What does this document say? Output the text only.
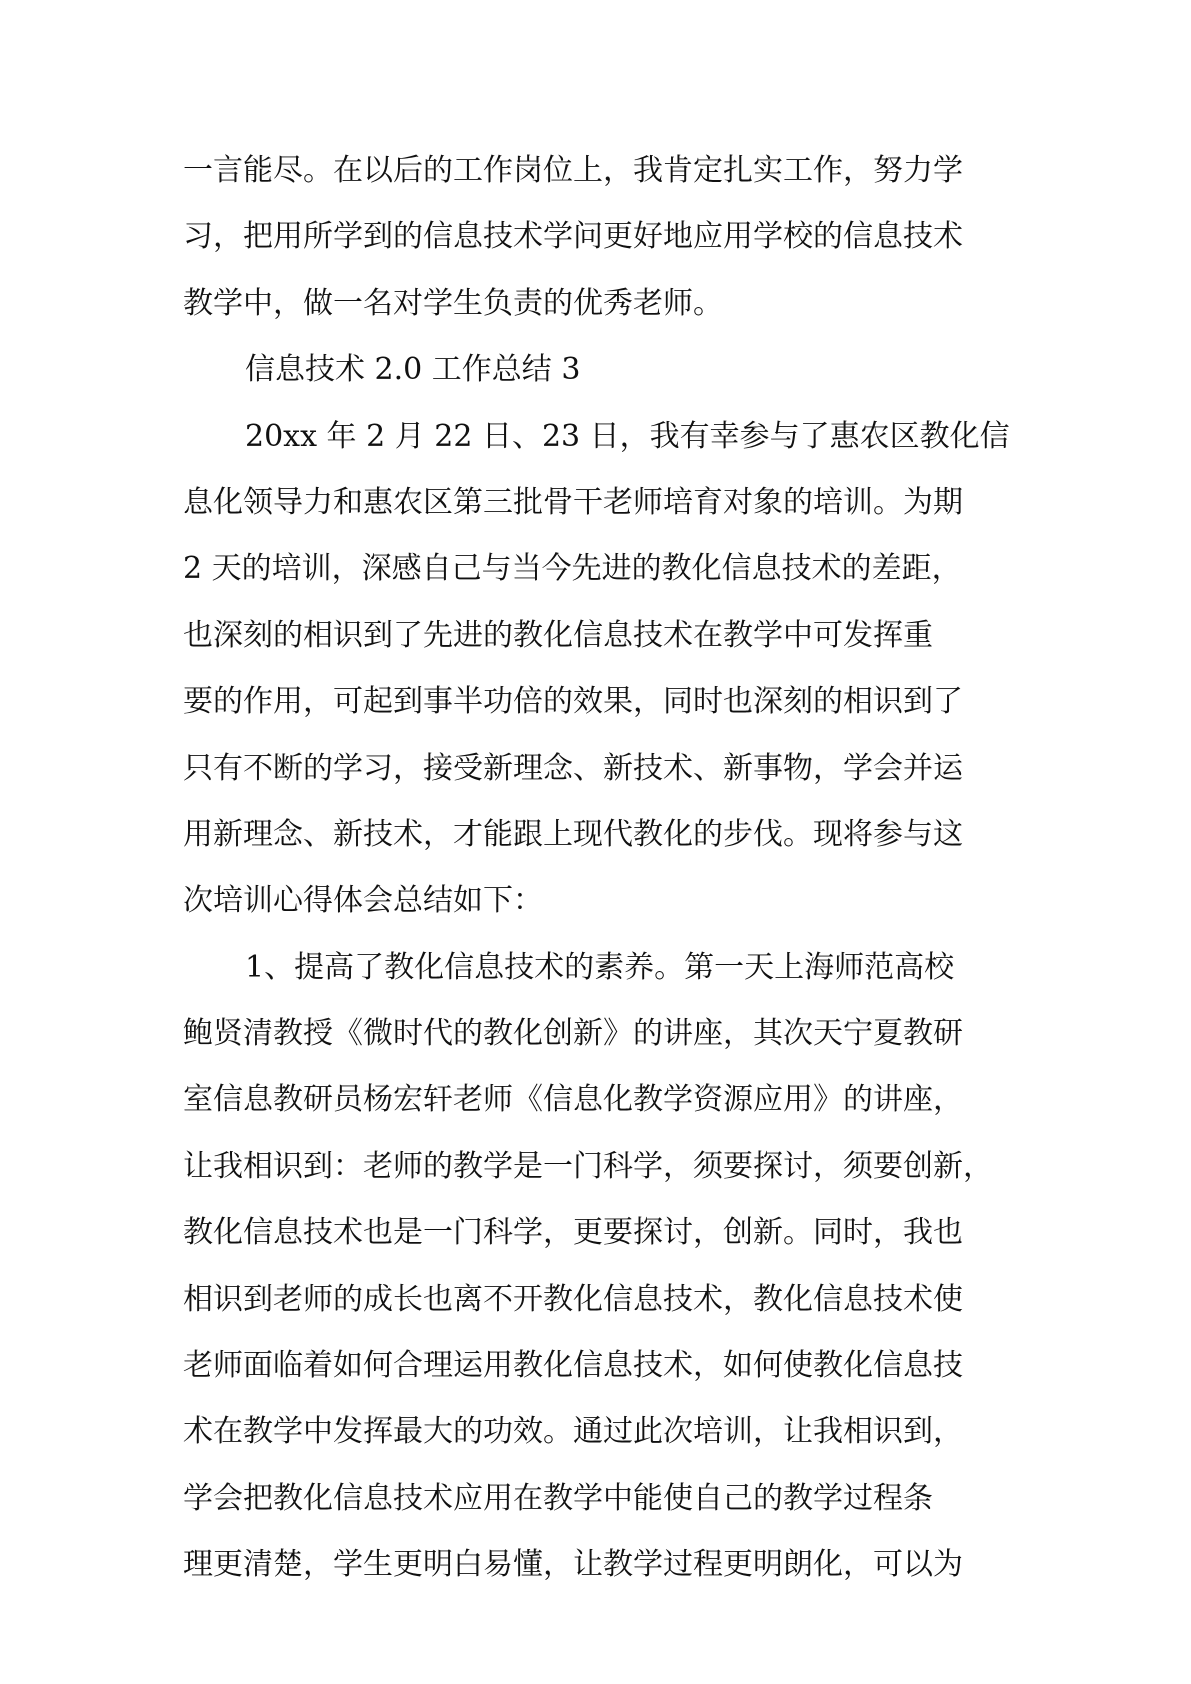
一言能尽。在以后的工作岗位上，我肯定扎实工作，努力学
习，把用所学到的信息技术学问更好地应用学校的信息技术
教学中，做一名对学生负责的优秀老师。
信息技术 2.0 工作总结 3
20xx 年 2 月 22 日、23 日，我有幸参与了惠农区教化信
息化领导力和惠农区第三批骨干老师培育对象的培训。为期
2 天的培训，深感自己与当今先进的教化信息技术的差距，
也深刻的相识到了先进的教化信息技术在教学中可发挥重
要的作用，可起到事半功倍的效果，同时也深刻的相识到了
只有不断的学习，接受新理念、新技术、新事物，学会并运
用新理念、新技术，才能跟上现代教化的步伐。现将参与这
次培训心得体会总结如下：
1、提高了教化信息技术的素养。第一天上海师范高校
鲍贤清教授《微时代的教化创新》的讲座，其次天宁夏教研
室信息教研员杨宏轩老师《信息化教学资源应用》的讲座，
让我相识到：老师的教学是一门科学，须要探讨，须要创新，
教化信息技术也是一门科学，更要探讨，创新。同时，我也
相识到老师的成长也离不开教化信息技术，教化信息技术使
老师面临着如何合理运用教化信息技术，如何使教化信息技
术在教学中发挥最大的功效。通过此次培训，让我相识到，
学会把教化信息技术应用在教学中能使自己的教学过程条
理更清楚，学生更明白易懂，让教学过程更明朗化，可以为
